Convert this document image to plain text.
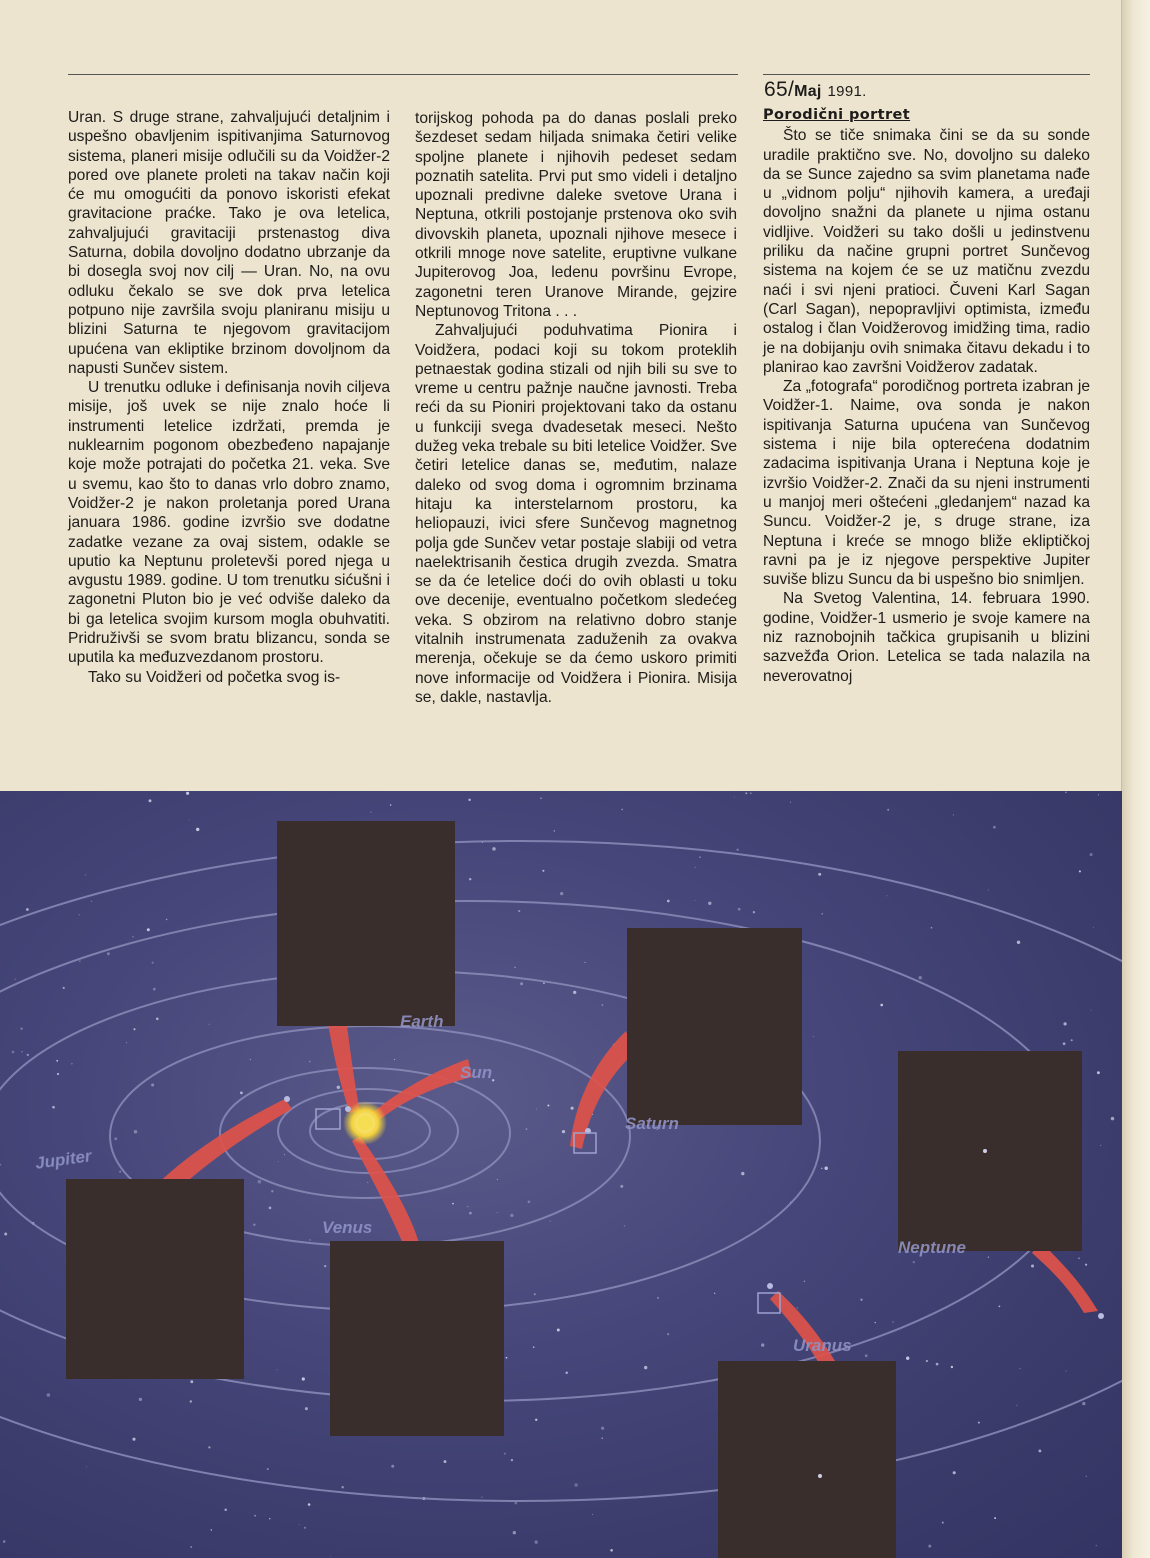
65/Maj 1991.

Uran. S druge strane, zahvaljujući detaljnim i uspešno obavljenim ispitivanjima Saturnovog sistema, planeri misije odlučili su da Voidžer-2 pored ove planete proleti na takav način koji će mu omogućiti da ponovo iskoristi efekat gravitacione praćke. Tako je ova letelica, zahvaljujući gravitaciji prstenastog diva Saturna, dobila dovoljno dodatno ubrzanje da bi dosegla svoj nov cilj — Uran. No, na ovu odluku čekalo se sve dok prva letelica potpuno nije završila svoju planiranu misiju u blizini Saturna te njegovom gravitacijom upućena van ekliptike brzinom dovoljnom da napusti Sunčev sistem.

U trenutku odluke i definisanja novih ciljeva misije, još uvek se nije znalo hoće li instrumenti letelice izdržati, premda je nuklearnim pogonom obezbeđeno napajanje koje može potrajati do početka 21. veka. Sve u svemu, kao što to danas vrlo dobro znamo, Voidžer-2 je nakon proletanja pored Urana januara 1986. godine izvršio sve dodatne zadatke vezane za ovaj sistem, odakle se uputio ka Neptunu proletevši pored njega u avgustu 1989. godine. U tom trenutku sićušni i zagonetni Pluton bio je već odviše daleko da bi ga letelica svojim kursom mogla obuhvatiti. Pridruživši se svom bratu blizancu, sonda se uputila ka međuzvezdanom prostoru.

Tako su Voidžeri od početka svog is-

torijskog pohoda pa do danas poslali preko šezdeset sedam hiljada snimaka četiri velike spoljne planete i njihovih pedeset sedam poznatih satelita. Prvi put smo videli i detaljno upoznali predivne daleke svetove Urana i Neptuna, otkrili postojanje prstenova oko svih divovskih planeta, upoznali njihove mesece i otkrili mnoge nove satelite, eruptivne vulkane Jupiterovog Joa, ledenu površinu Evrope, zagonetni teren Uranove Mirande, gejzire Neptunovog Tritona . . .

Zahvaljujući poduhvatima Pionira i Voidžera, podaci koji su tokom proteklih petnaestak godina stizali od njih bili su sve to vreme u centru pažnje naučne javnosti. Treba reći da su Pioniri projektovani tako da ostanu u funkciji svega dvadesetak meseci. Nešto dužeg veka trebale su biti letelice Voidžer. Sve četiri letelice danas se, međutim, nalaze daleko od svog doma i ogromnim brzinama hitaju ka interstelarnom prostoru, ka heliopauzi, ivici sfere Sunčevog magnetnog polja gde Sunčev vetar postaje slabiji od vetra naelektrisanih čestica drugih zvezda. Smatra se da će letelice doći do ovih oblasti u toku ove decenije, eventualno početkom sledećeg veka. S obzirom na relativno dobro stanje vitalnih instrumenata zaduženih za ovakva merenja, očekuje se da ćemo uskoro primiti nove informacije od Voidžera i Pionira. Misija se, dakle, nastavlja.

Porodični portret

Što se tiče snimaka čini se da su sonde uradile praktično sve. No, dovoljno su daleko da se Sunce zajedno sa svim planetama nađe u „vidnom polju“ njihovih kamera, a uređaji dovoljno snažni da planete u njima ostanu vidljive. Voidžeri su tako došli u jedinstvenu priliku da načine grupni portret Sunčevog sistema na kojem će se uz matičnu zvezdu naći i svi njeni pratioci. Čuveni Karl Sagan (Carl Sagan), nepopravljivi optimista, između ostalog i član Voidžerovog imidžing tima, radio je na dobijanju ovih snimaka čitavu dekadu i to planirao kao završni Voidžerov zadatak.

Za „fotografa“ porodičnog portreta izabran je Voidžer-1. Naime, ova sonda je nakon ispitivanja Saturna upućena van Sunčevog sistema i nije bila opterećena dodatnim zadacima ispitivanja Urana i Neptuna koje je izvršio Voidžer-2. Znači da su njeni instrumenti u manjoj meri oštećeni „gledanjem“ nazad ka Suncu. Voidžer-2 je, s druge strane, iza Neptuna i kreće se mnogo bliže ekliptičkoj ravni pa je iz njegove perspektive Jupiter suviše blizu Suncu da bi uspešno bio snimljen.

Na Svetog Valentina, 14. februara 1990. godine, Voidžer-1 usmerio je svoje kamere na niz raznobojnih tačkica grupisanih u blizini sazvežđa Orion. Letelica se tada nalazila na neverovatnoj

Earth
Sun
Saturn
Jupiter
Venus
Neptune
Uranus
